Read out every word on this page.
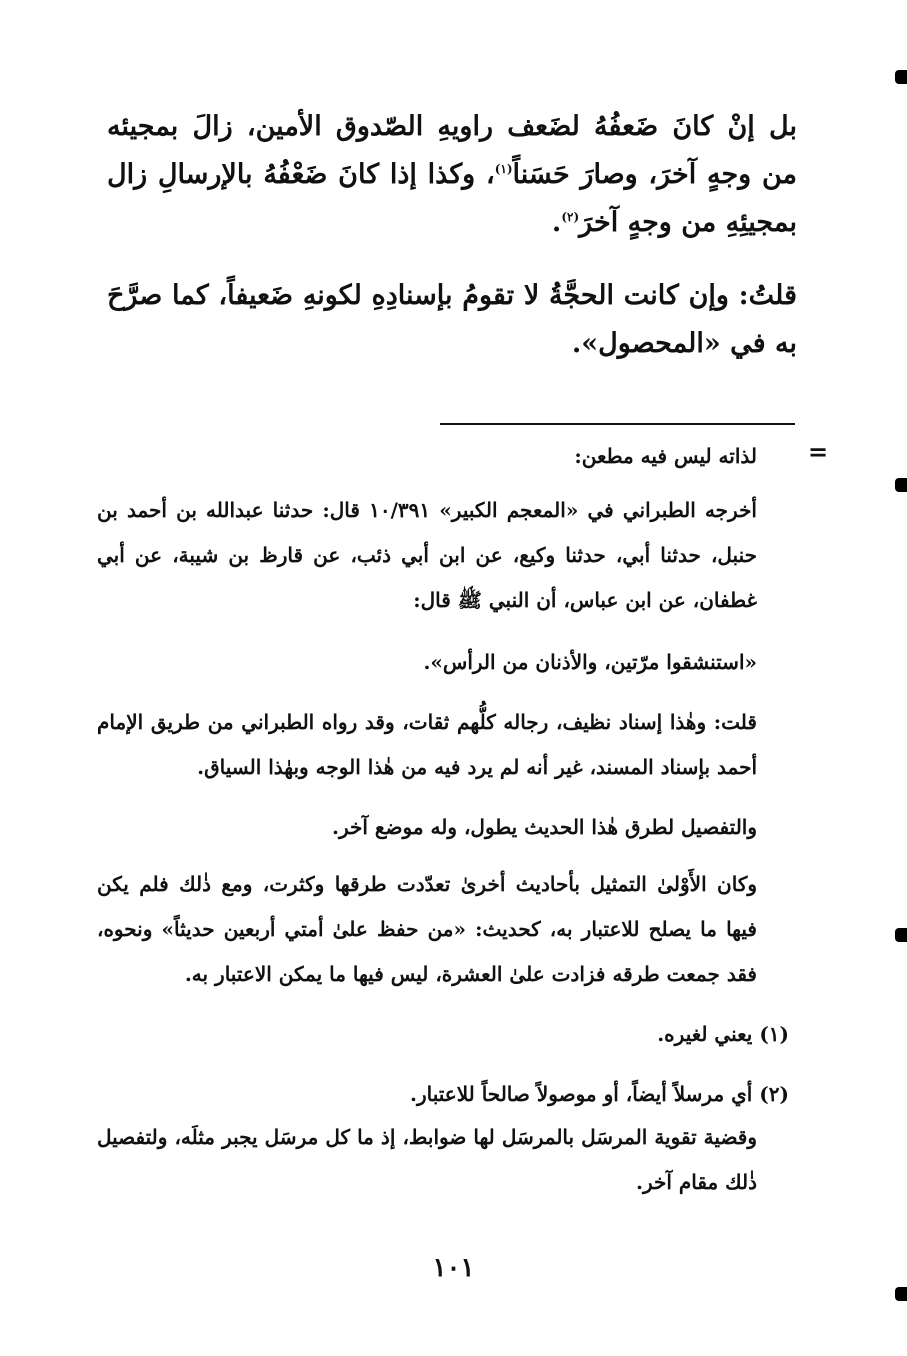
بل إنْ كانَ ضَعفُهُ لضَعف راويهِ الصّدوق الأمين، زالَ بمجيئه من وجهٍ آخرَ، وصارَ حَسَناً$^{(١)}$، وكذا إذا كانَ ضَعْفُهُ بالإرسالِ زال بمجيئِهِ من وجهٍ آخرَ$^{(٢)}$.
قلتُ: وإن كانت الحجَّةُ لا تقومُ بإسنادِهِ لكونهِ ضَعيفاً، كما صرَّحَ به في «المحصول».
=
لذاته ليس فيه مطعن:
أخرجه الطبراني في «المعجم الكبير» ١٠/٣٩١ قال: حدثنا عبدالله بن أحمد بن حنبل، حدثنا أبي، حدثنا وكيع، عن ابن أبي ذئب، عن قارظ بن شيبة، عن أبي غطفان، عن ابن عباس، أن النبي ﷺ قال:
«استنشقوا مرّتين، والأذنان من الرأس».
قلت: وهٰذا إسناد نظيف، رجاله كلُّهم ثقات، وقد رواه الطبراني من طريق الإمام أحمد بإسناد المسند، غير أنه لم يرد فيه من هٰذا الوجه وبهٰذا السياق.
والتفصيل لطرق هٰذا الحديث يطول، وله موضع آخر.
وكان الأَوْلىٰ التمثيل بأحاديث أخرىٰ تعدّدت طرقها وكثرت، ومع ذٰلك فلم يكن فيها ما يصلح للاعتبار به، كحديث: «من حفظ علىٰ أمتي أربعين حديثاً» ونحوه، فقد جمعت طرقه فزادت علىٰ العشرة، ليس فيها ما يمكن الاعتبار به.
(١) يعني لغيره.
(٢) أي مرسلاً أيضاً، أو موصولاً صالحاً للاعتبار.
وقضية تقوية المرسَل بالمرسَل لها ضوابط، إذ ما كل مرسَل يجبر مثلَه، ولتفصيل ذٰلك مقام آخر.
١٠١
